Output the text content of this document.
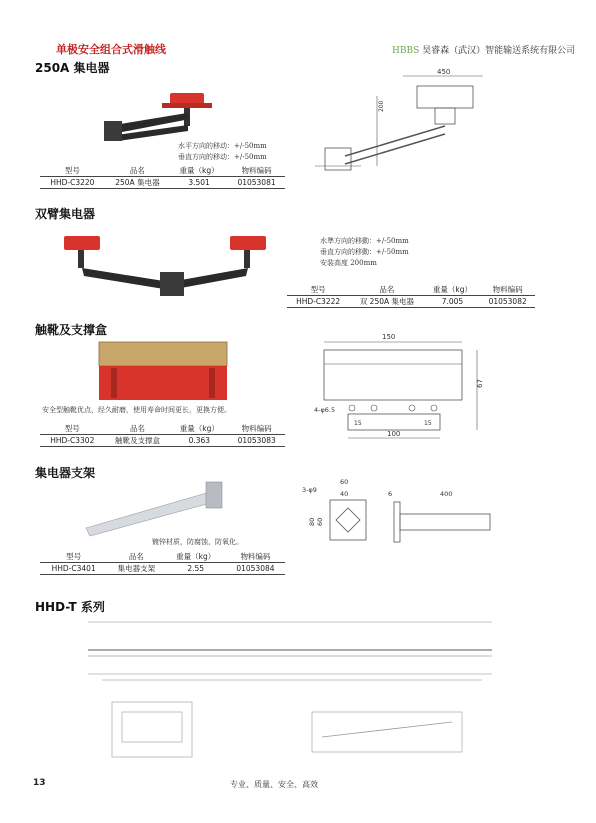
单极安全组合式滑触线	HBBS 昊睿森（武汉）智能输送系统有限公司
250A 集电器
水平方向的移动：+/-50mm
垂直方向的移动：+/-50mm
型号	品名	重量（kg）	物料编码
HHD-C3220	250A 集电器	3.501	01053081
450
200
双臂集电器
水準方向的移動：+/-50mm
垂直方向的移動：+/-50mm
安装高度 200mm
型号	品名	重量（kg）	物料编码
HHD-C3222	双 250A 集电器	7.005	01053082
触靴及支撑盒
安全型触靴优点，经久耐磨，使用寿命时间更长，更换方便。
型号	品名	重量（kg）	物料编码
HHD-C3302	触靴及支撑盒	0.363	01053083
150
67
4-φ6.5
15	15
100
集电器支架
镀锌材质，防腐蚀，防氧化。
型号	品名	重量（kg）	物料编码
HHD-C3401	集电器支架	2.55	01053084
3-φ9
60
40
80 60
6	400
HHD-T 系列
13	专业、质量、安全、高效
